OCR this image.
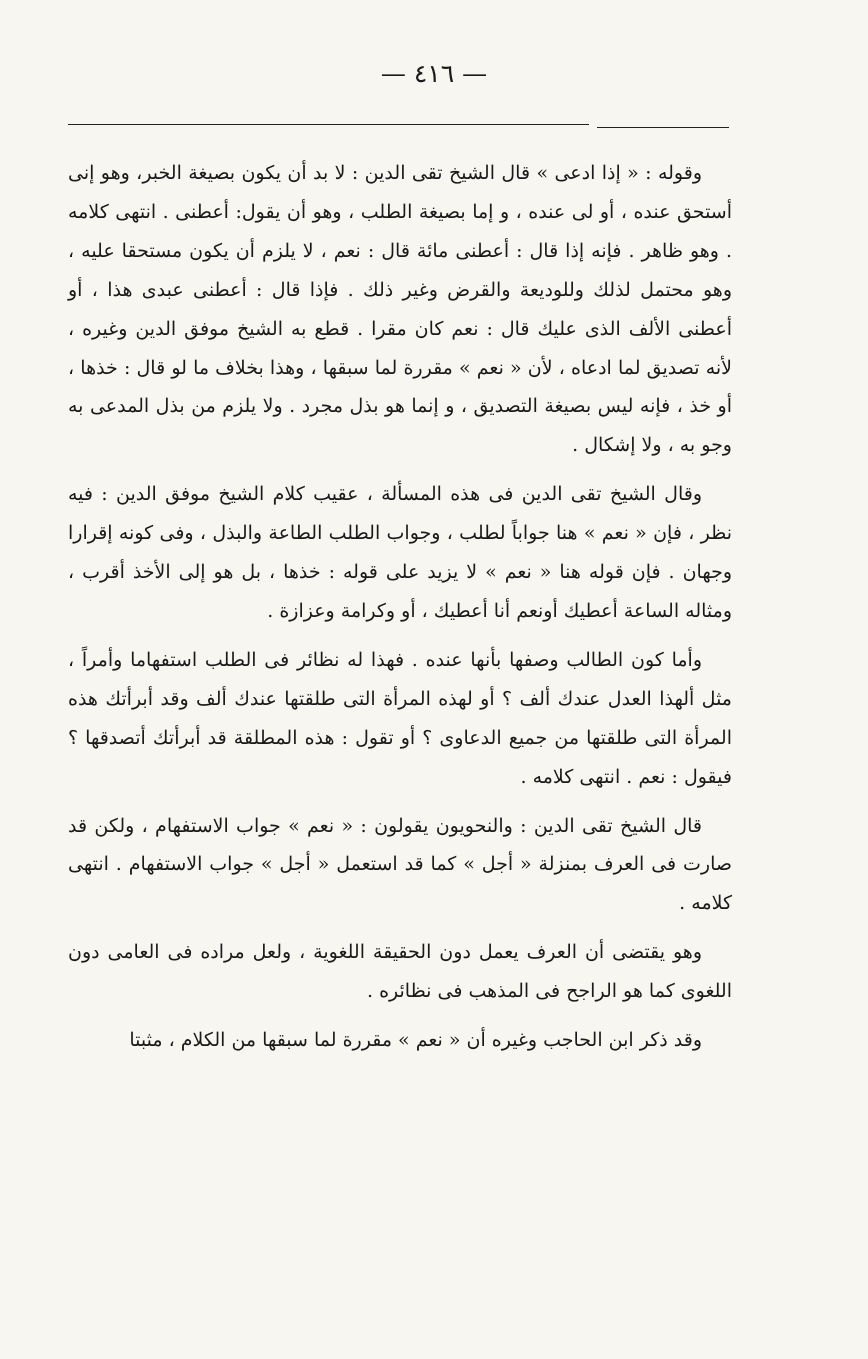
— ٤١٦ —

وقوله : « إذا ادعى » قال الشيخ تقى الدين : لا بد أن يكون بصيغة الخبر، وهو إنى أستحق عنده ، أو لى عنده ، و إما بصيغة الطلب ، وهو أن يقول: أعطنى . انتهى كلامه . وهو ظاهر . فإنه إذا قال : أعطنى مائة قال : نعم ، لا يلزم أن يكون مستحقا عليه ، وهو محتمل لذلك وللوديعة والقرض وغير ذلك . فإذا قال : أعطنى عبدى هذا ، أو أعطنى الألف الذى عليك قال : نعم كان مقرا . قطع به الشيخ موفق الدين وغيره ، لأنه تصديق لما ادعاه ، لأن « نعم » مقررة لما سبقها ، وهذا بخلاف ما لو قال : خذها ، أو خذ ، فإنه ليس بصيغة التصديق ، و إنما هو بذل مجرد . ولا يلزم من بذل المدعى به وجو به ، ولا إشكال .

وقال الشيخ تقى الدين فى هذه المسألة ، عقيب كلام الشيخ موفق الدين : فيه نظر ، فإن « نعم » هنا جواباً لطلب ، وجواب الطلب الطاعة والبذل ، وفى كونه إقرارا وجهان . فإن قوله هنا « نعم » لا يزيد على قوله : خذها ، بل هو إلى الأخذ أقرب ، ومثاله الساعة أعطيك أونعم أنا أعطيك ، أو وكرامة وعزازة .

وأما كون الطالب وصفها بأنها عنده . فهذا له نظائر فى الطلب استفهاما وأمراً ، مثل ألهذا العدل عندك ألف ؟ أو لهذه المرأة التى طلقتها عندك ألف وقد أبرأتك هذه المرأة التى طلقتها من جميع الدعاوى ؟ أو تقول : هذه المطلقة قد أبرأتك أتصدقها ؟ فيقول : نعم . انتهى كلامه .

قال الشيخ تقى الدين : والنحويون يقولون : « نعم » جواب الاستفهام ، ولكن قد صارت فى العرف بمنزلة « أجل » كما قد استعمل « أجل » جواب الاستفهام . انتهى كلامه .

وهو يقتضى أن العرف يعمل دون الحقيقة اللغوية ، ولعل مراده فى العامى دون اللغوى كما هو الراجح فى المذهب فى نظائره .

وقد ذكر ابن الحاجب وغيره أن « نعم » مقررة لما سبقها من الكلام ، مثبتا
